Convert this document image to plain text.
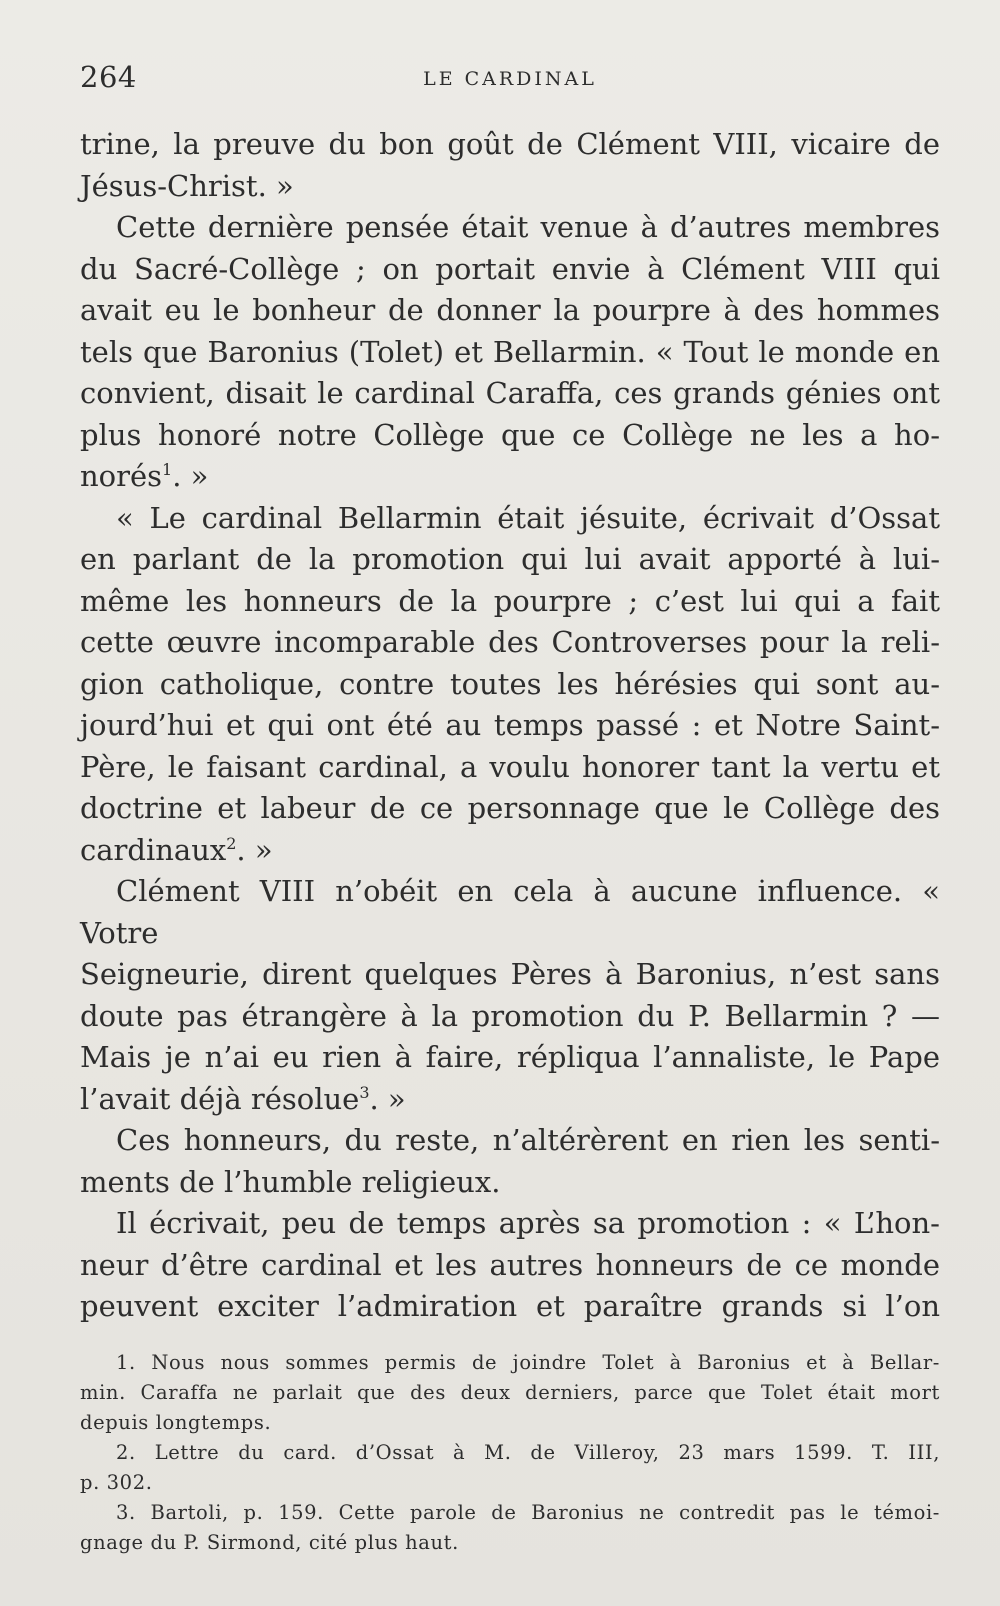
264	LE CARDINAL

trine, la preuve du bon goût de Clément VIII, vicaire de

Jésus-Christ. »

Cette dernière pensée était venue à d’autres membres

du Sacré-Collège ; on portait envie à Clément VIII qui

avait eu le bonheur de donner la pourpre à des hommes

tels que Baronius (Tolet) et Bellarmin. « Tout le monde en

convient, disait le cardinal Caraffa, ces grands génies ont

plus honoré notre Collège que ce Collège ne les a ho-

norés$^1$. »

« Le cardinal Bellarmin était jésuite, écrivait d’Ossat

en parlant de la promotion qui lui avait apporté à lui-

même les honneurs de la pourpre ; c’est lui qui a fait

cette œuvre incomparable des Controverses pour la reli-

gion catholique, contre toutes les hérésies qui sont au-

jourd’hui et qui ont été au temps passé : et Notre Saint-

Père, le faisant cardinal, a voulu honorer tant la vertu et

doctrine et labeur de ce personnage que le Collège des

cardinaux$^2$. »

Clément VIII n’obéit en cela à aucune influence. « Votre

Seigneurie, dirent quelques Pères à Baronius, n’est sans

doute pas étrangère à la promotion du P. Bellarmin ? —

Mais je n’ai eu rien à faire, répliqua l’annaliste, le Pape

l’avait déjà résolue$^3$. »

Ces honneurs, du reste, n’altérèrent en rien les senti-

ments de l’humble religieux.

Il écrivait, peu de temps après sa promotion : « L’hon-

neur d’être cardinal et les autres honneurs de ce monde

peuvent exciter l’admiration et paraître grands si l’on

1. Nous nous sommes permis de joindre Tolet à Baronius et à Bellar-

min. Caraffa ne parlait que des deux derniers, parce que Tolet était mort

depuis longtemps.

2. Lettre du card. d’Ossat à M. de Villeroy, 23 mars 1599. T. III,

p. 302.

3. Bartoli, p. 159. Cette parole de Baronius ne contredit pas le témoi-

gnage du P. Sirmond, cité plus haut.
